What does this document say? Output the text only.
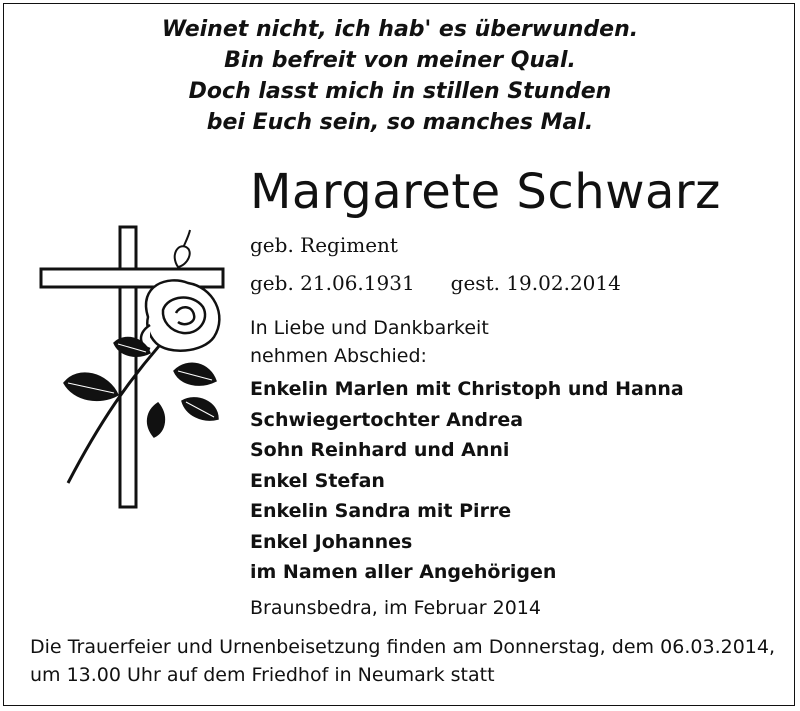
Weinet nicht, ich hab' es überwunden.
Bin befreit von meiner Qual.
Doch lasst mich in stillen Stunden
bei Euch sein, so manches Mal.
Margarete Schwarz
geb. Regiment
geb. 21.06.1931 gest. 19.02.2014
In Liebe und Dankbarkeit
nehmen Abschied:
Enkelin Marlen mit Christoph und Hanna
Schwiegertochter Andrea
Sohn Reinhard und Anni
Enkel Stefan
Enkelin Sandra mit Pirre
Enkel Johannes
im Namen aller Angehörigen
Braunsbedra, im Februar 2014
Die Trauerfeier und Urnenbeisetzung finden am Donnerstag, dem 06.03.2014, um 13.00 Uhr auf dem Friedhof in Neumark statt
